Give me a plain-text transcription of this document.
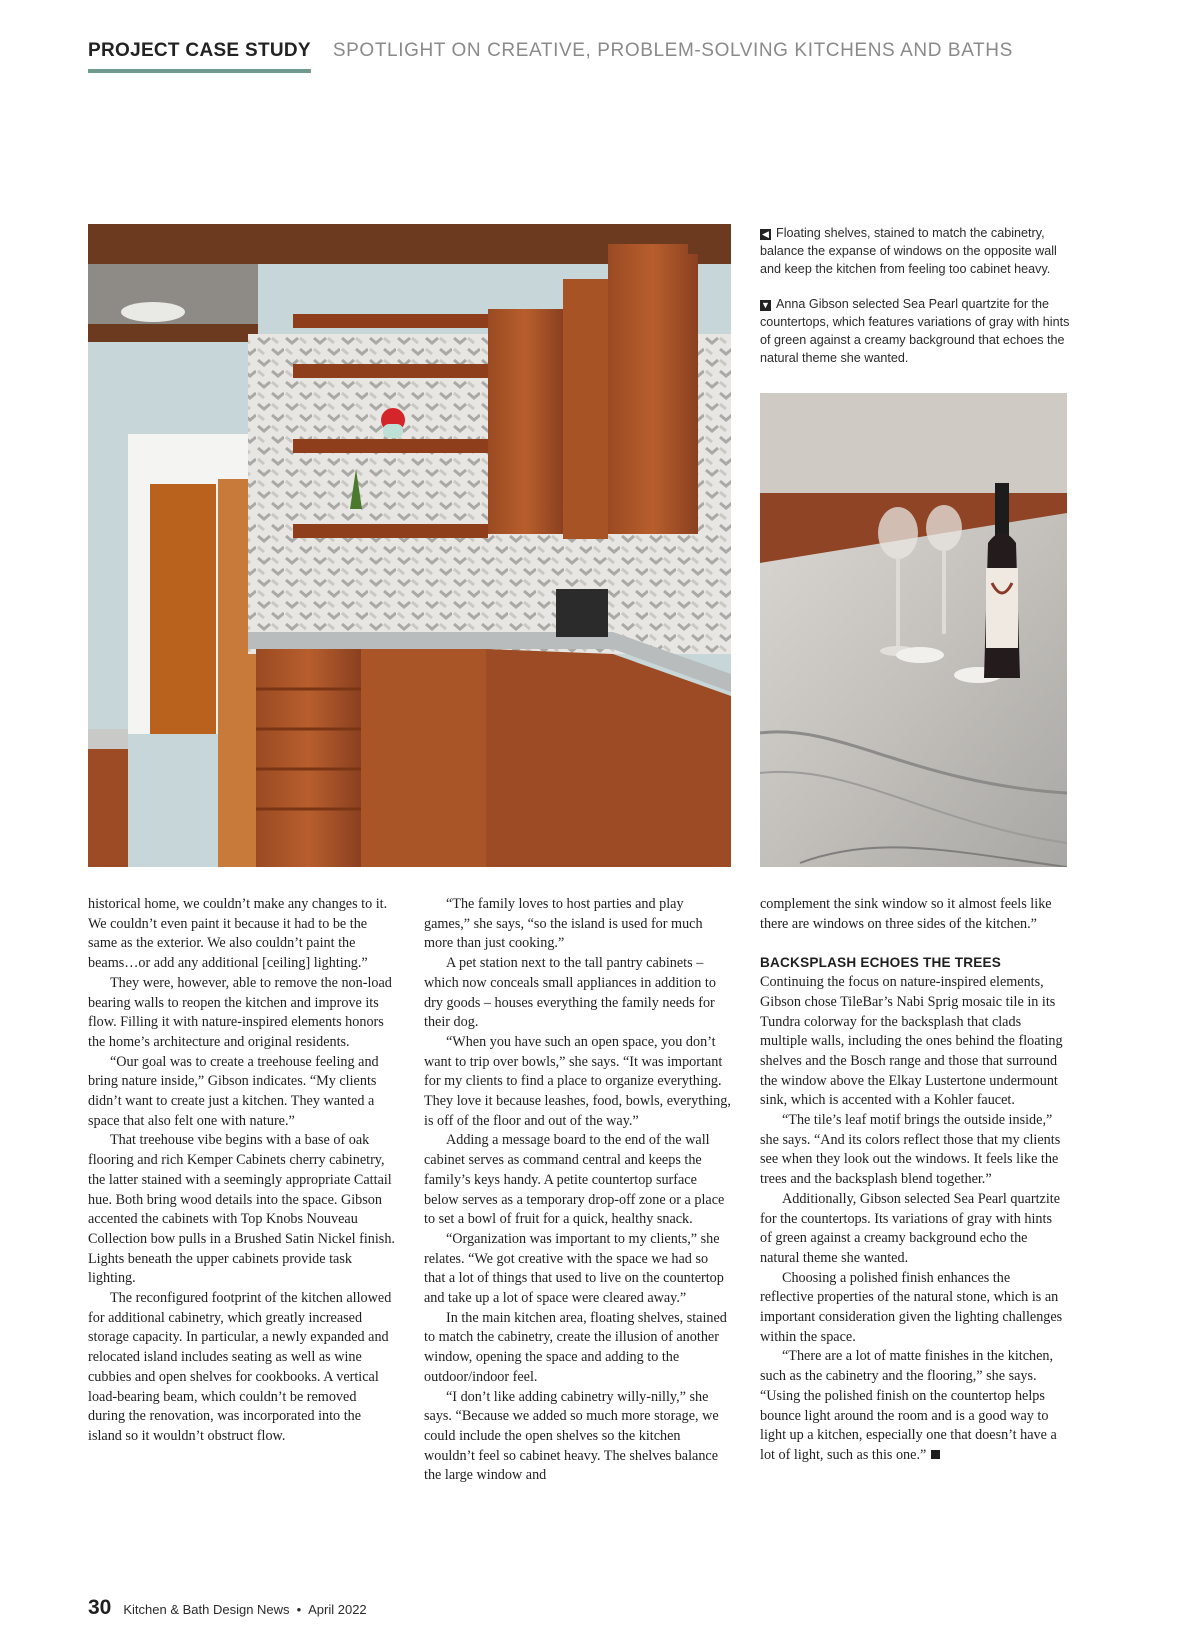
PROJECT CASE STUDY SPOTLIGHT ON CREATIVE, PROBLEM-SOLVING KITCHENS AND BATHS

◀ Floating shelves, stained to match the cabinetry, balance the expanse of windows on the opposite wall and keep the kitchen from feeling too cabinet heavy.

▼ Anna Gibson selected Sea Pearl quartzite for the countertops, which features variations of gray with hints of green against a creamy background that echoes the natural theme she wanted.

historical home, we couldn’t make any changes to it. We couldn’t even paint it because it had to be the same as the exterior. We also couldn’t paint the beams…or add any additional [ceiling] lighting.”

They were, however, able to remove the non-load bearing walls to reopen the kitchen and improve its flow. Filling it with nature-inspired elements honors the home’s architecture and original residents.

“Our goal was to create a treehouse feeling and bring nature inside,” Gibson indicates. “My clients didn’t want to create just a kitchen. They wanted a space that also felt one with nature.”

That treehouse vibe begins with a base of oak flooring and rich Kemper Cabinets cherry cabinetry, the latter stained with a seemingly appropriate Cattail hue. Both bring wood details into the space. Gibson accented the cabinets with Top Knobs Nouveau Collection bow pulls in a Brushed Satin Nickel finish. Lights beneath the upper cabinets provide task lighting.

The reconfigured footprint of the kitchen allowed for additional cabinetry, which greatly increased storage capacity. In particular, a newly expanded and relocated island includes seating as well as wine cubbies and open shelves for cookbooks. A vertical load-bearing beam, which couldn’t be removed during the renovation, was incorporated into the island so it wouldn’t obstruct flow.

“The family loves to host parties and play games,” she says, “so the island is used for much more than just cooking.”

A pet station next to the tall pantry cabinets – which now conceals small appliances in addition to dry goods – houses everything the family needs for their dog.

“When you have such an open space, you don’t want to trip over bowls,” she says. “It was important for my clients to find a place to organize everything. They love it because leashes, food, bowls, everything, is off of the floor and out of the way.”

Adding a message board to the end of the wall cabinet serves as command central and keeps the family’s keys handy. A petite countertop surface below serves as a temporary drop-off zone or a place to set a bowl of fruit for a quick, healthy snack.

“Organization was important to my clients,” she relates. “We got creative with the space we had so that a lot of things that used to live on the countertop and take up a lot of space were cleared away.”

In the main kitchen area, floating shelves, stained to match the cabinetry, create the illusion of another window, opening the space and adding to the outdoor/indoor feel.

“I don’t like adding cabinetry willy-nilly,” she says. “Because we added so much more storage, we could include the open shelves so the kitchen wouldn’t feel so cabinet heavy. The shelves balance the large window and

complement the sink window so it almost feels like there are windows on three sides of the kitchen.”

BACKSPLASH ECHOES THE TREES

Continuing the focus on nature-inspired elements, Gibson chose TileBar’s Nabi Sprig mosaic tile in its Tundra colorway for the backsplash that clads multiple walls, including the ones behind the floating shelves and the Bosch range and those that surround the window above the Elkay Lustertone undermount sink, which is accented with a Kohler faucet.

“The tile’s leaf motif brings the outside inside,” she says. “And its colors reflect those that my clients see when they look out the windows. It feels like the trees and the backsplash blend together.”

Additionally, Gibson selected Sea Pearl quartzite for the countertops. Its variations of gray with hints of green against a creamy background echo the natural theme she wanted.

Choosing a polished finish enhances the reflective properties of the natural stone, which is an important consideration given the lighting challenges within the space.

“There are a lot of matte finishes in the kitchen, such as the cabinetry and the flooring,” she says. “Using the polished finish on the countertop helps bounce light around the room and is a good way to light up a kitchen, especially one that doesn’t have a lot of light, such as this one.”

30 Kitchen & Bath Design News • April 2022
